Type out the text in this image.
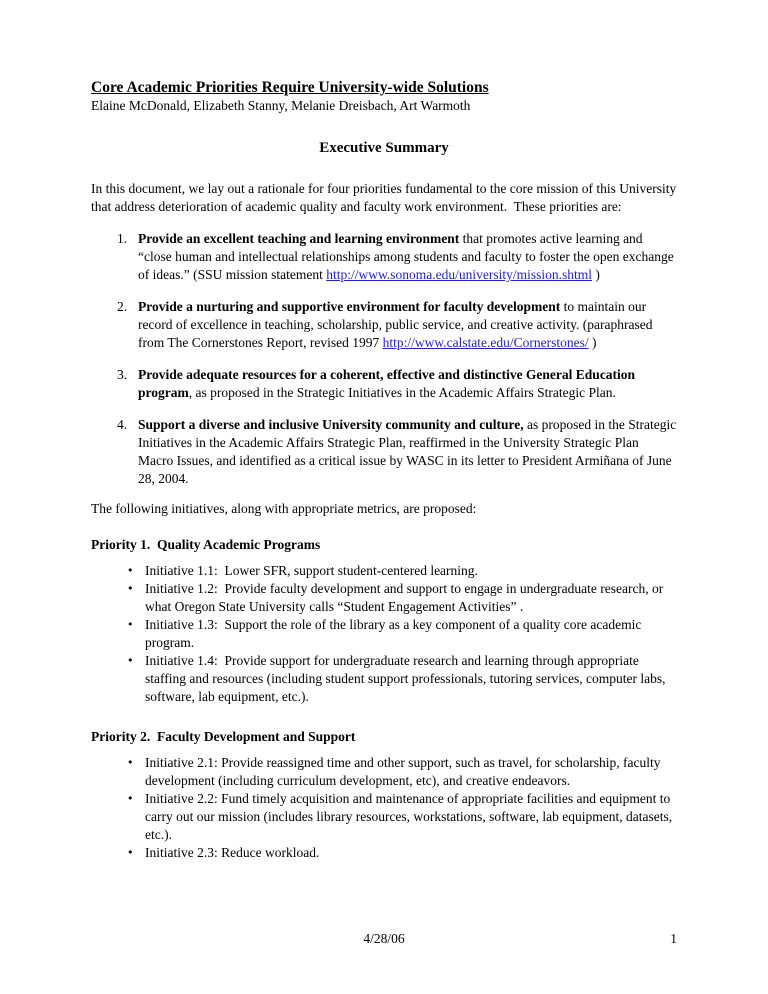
Core Academic Priorities Require University-wide Solutions
Elaine McDonald, Elizabeth Stanny, Melanie Dreisbach, Art Warmoth
Executive Summary
In this document, we lay out a rationale for four priorities fundamental to the core mission of this University that address deterioration of academic quality and faculty work environment.  These priorities are:
1. Provide an excellent teaching and learning environment that promotes active learning and “close human and intellectual relationships among students and faculty to foster the open exchange of ideas.” (SSU mission statement http://www.sonoma.edu/university/mission.shtml )
2. Provide a nurturing and supportive environment for faculty development to maintain our record of excellence in teaching, scholarship, public service, and creative activity. (paraphrased from The Cornerstones Report, revised 1997 http://www.calstate.edu/Cornerstones/ )
3. Provide adequate resources for a coherent, effective and distinctive General Education program, as proposed in the Strategic Initiatives in the Academic Affairs Strategic Plan.
4. Support a diverse and inclusive University community and culture, as proposed in the Strategic Initiatives in the Academic Affairs Strategic Plan, reaffirmed in the University Strategic Plan Macro Issues, and identified as a critical issue by WASC in its letter to President Armiñana of June 28, 2004.
The following initiatives, along with appropriate metrics, are proposed:
Priority 1.  Quality Academic Programs
• Initiative 1.1:  Lower SFR, support student-centered learning.
• Initiative 1.2:  Provide faculty development and support to engage in undergraduate research, or what Oregon State University calls “Student Engagement Activities” .
• Initiative 1.3:  Support the role of the library as a key component of a quality core academic program.
• Initiative 1.4:  Provide support for undergraduate research and learning through appropriate staffing and resources (including student support professionals, tutoring services, computer labs, software, lab equipment, etc.).
Priority 2.  Faculty Development and Support
• Initiative 2.1: Provide reassigned time and other support, such as travel, for scholarship, faculty development (including curriculum development, etc), and creative endeavors.
• Initiative 2.2: Fund timely acquisition and maintenance of appropriate facilities and equipment to carry out our mission (includes library resources, workstations, software, lab equipment, datasets, etc.).
• Initiative 2.3: Reduce workload.
4/28/06	1
